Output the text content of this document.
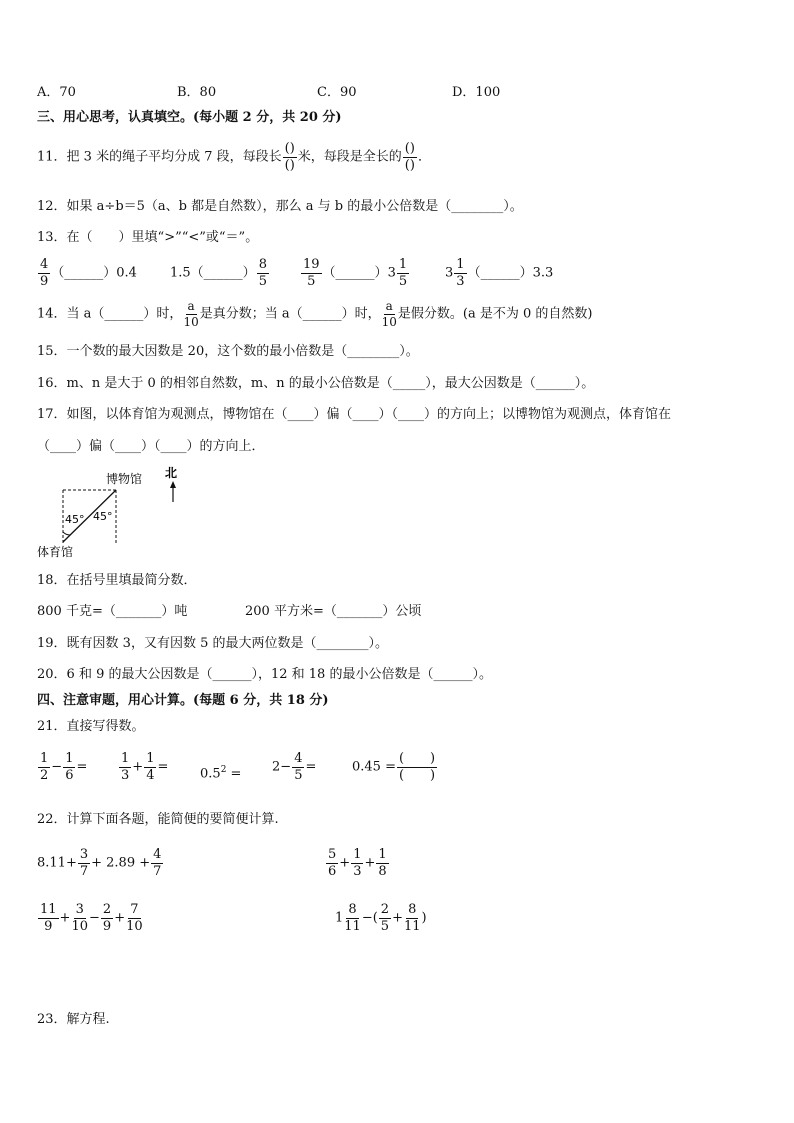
A．70	B．80	C．90	D．100
三、用心思考，认真填空。(每小题 2 分，共 20 分)
11．把 3 米的绳子平均分成 7 段，每段长 $\frac{()}{()}$ 米，每段是全长的 $\frac{()}{()}$ ．
12．如果 a÷b＝5（a、b 都是自然数），那么 a 与 b 的最小公倍数是（________）。
13．在（　　）里填“>”“<”或“＝”。
$\frac{4}{9}$ （______）0.4	1.5（______） $\frac{8}{5} \frac{19}{5}$ （______）3 $\frac{1}{5}$	$3 \frac{1}{3}$ （______）3.3
14．当 a（______）时， $\frac{a}{10}$ 是真分数；当 a（______）时， $\frac{a}{10}$ 是假分数。(a 是不为 0 的自然数)
15．一个数的最大因数是 20，这个数的最小倍数是（________）。
16．m、n 是大于 0 的相邻自然数，m、n 的最小公倍数是（_____），最大公因数是（______）。
17．如图，以体育馆为观测点，博物馆在（____）偏（____）（____）的方向上；以博物馆为观测点，体育馆在
（____）偏（____）（____）的方向上．
北
博物馆
45° 45°
体育馆
18．在括号里填最简分数．
800 千克=（_______）吨	200 平方米=（_______）公顷
19．既有因数 3，又有因数 5 的最大两位数是（________）。
20．6 和 9 的最大公因数是（______），12 和 18 的最小公倍数是（______）。
四、注意审题，用心计算。(每题 6 分，共 18 分)
21．直接写得数。
$\frac{1}{2} - \frac{1}{6} = \frac{1}{3} + \frac{1}{4} = 0.5^2 = 2- \frac{4}{5}$ =	$0.45 = \frac{( )}{( )}$
22．计算下面各题，能简便的要简便计算.
$8.11+ \frac{3}{7} + 2.89 + \frac{4}{7}$	$\frac{5}{6} + \frac{1}{3} + \frac{1}{8}$
$\frac{11}{9} + \frac{3}{10} - \frac{2}{9} + \frac{7}{10}$	$1 \frac{8}{11}$ −( $\frac{2}{5} + \frac{8}{11}$ )
23．解方程.
